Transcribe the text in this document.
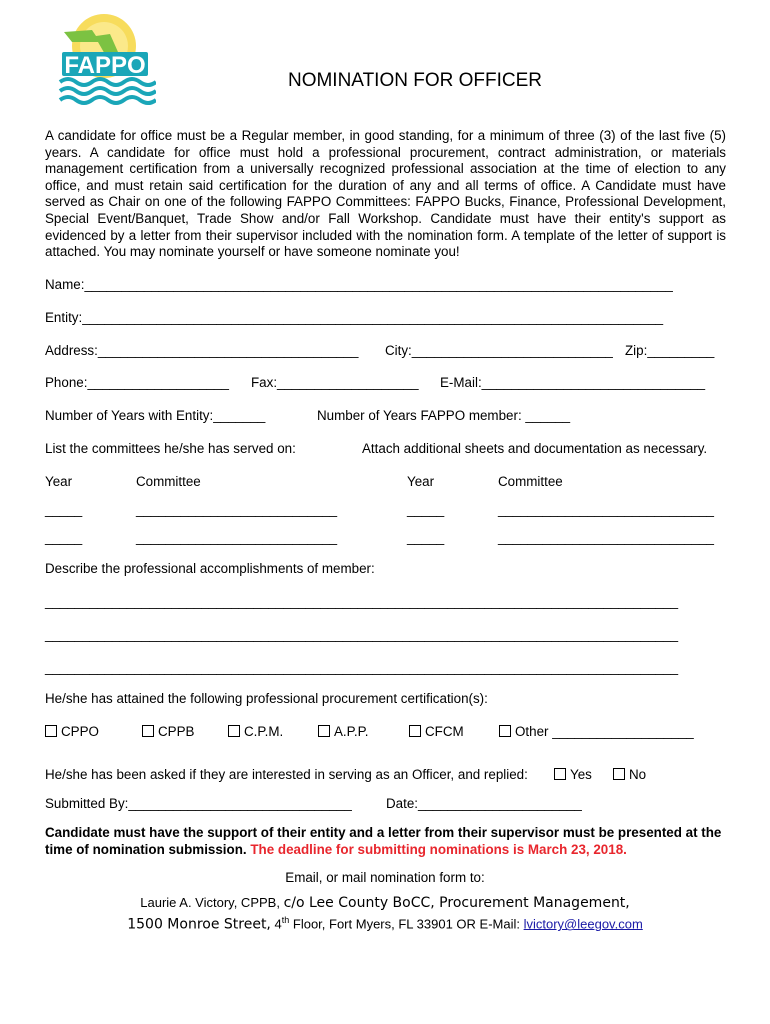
FAPPO
NOMINATION FOR OFFICER
A candidate for office must be a Regular member, in good standing, for a minimum of three (3) of the last five (5) years. A candidate for office must hold a professional procurement, contract administration, or materials management certification from a universally recognized professional association at the time of election to any office, and must retain said certification for the duration of any and all terms of office. A Candidate must have served as Chair on one of the following FAPPO Committees: FAPPO Bucks, Finance, Professional Development, Special Event/Banquet, Trade Show and/or Fall Workshop. Candidate must have their entity's support as evidenced by a letter from their supervisor included with the nomination form. A template of the letter of support is attached. You may nominate yourself or have someone nominate you!
Name:_______________________________________________________________________________
Entity:______________________________________________________________________________
Address:___________________________________ City:___________________________ Zip:_________
Phone:___________________ Fax:___________________ E-Mail:______________________________
Number of Years with Entity:_______	Number of Years FAPPO member: ______
List the committees he/she has served on:	Attach additional sheets and documentation as necessary.
Year	Committee	Year	Committee
_____	___________________________	_____	_____________________________
_____	___________________________	_____	_____________________________
Describe the professional accomplishments of member:
_____________________________________________________________________________________
_____________________________________________________________________________________
_____________________________________________________________________________________
He/she has attained the following professional procurement certification(s):
CPPO	CPPB	C.P.M.	A.P.P.	CFCM	Other ___________________
He/she has been asked if they are interested in serving as an Officer, and replied:	Yes	No
Submitted By:______________________________	Date:______________________
Candidate must have the support of their entity and a letter from their supervisor must be presented at the time of nomination submission. The deadline for submitting nominations is March 23, 2018.
Email, or mail nomination form to:
Laurie A. Victory, CPPB, c/o Lee County BoCC, Procurement Management,
1500 Monroe Street, 4th Floor, Fort Myers, FL 33901 OR E-Mail: lvictory@leegov.com
